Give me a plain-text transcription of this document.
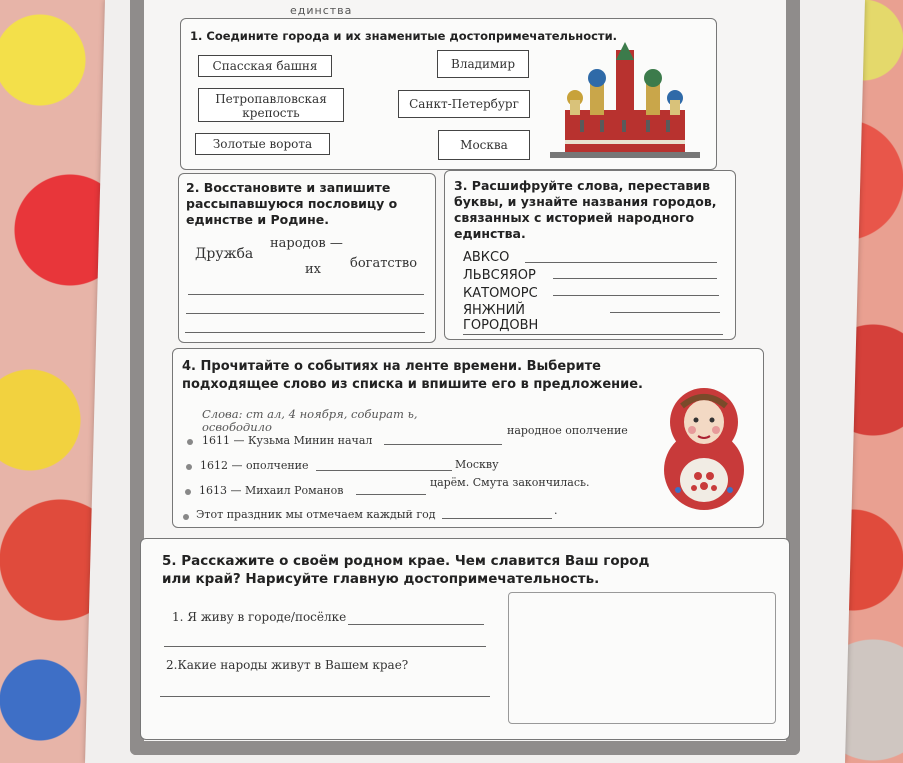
единства
1. Соедините города и их знаменитые достопримечательности.
Спасская башня
Петропавловская крепость
Золотые ворота
Владимир
Санкт-Петербург
Москва
2. Восстановите и запишите рассыпавшуюся пословицу о единстве и Родине.
Дружба
народов —
их богатство
3. Расшифруйте слова, переставив буквы, и узнайте названия городов, связанных с историей народного единства.
АВКСО
ЛЬВСЯЯОР
КАТОМОРС
ЯНЖНИЙ
ГОРОДОВН
4. Прочитайте о событиях на ленте времени. Выберите подходящее слово из списка и впишите его в предложение.
Слова: ст ал, 4 ноября, собират ь, освободило
1611 — Кузьма Минин начал
народное ополчение
1612 — ополчение	Москву
1613 — Михаил Романов
царём. Смута закончилась.
Этот праздник мы отмечаем каждый год	.
5. Расскажите о своём родном крае. Чем славится Ваш город или край? Нарисуйте главную достопримечательность.
1. Я живу в городе/посёлке
2.Какие народы живут в Вашем крае?
